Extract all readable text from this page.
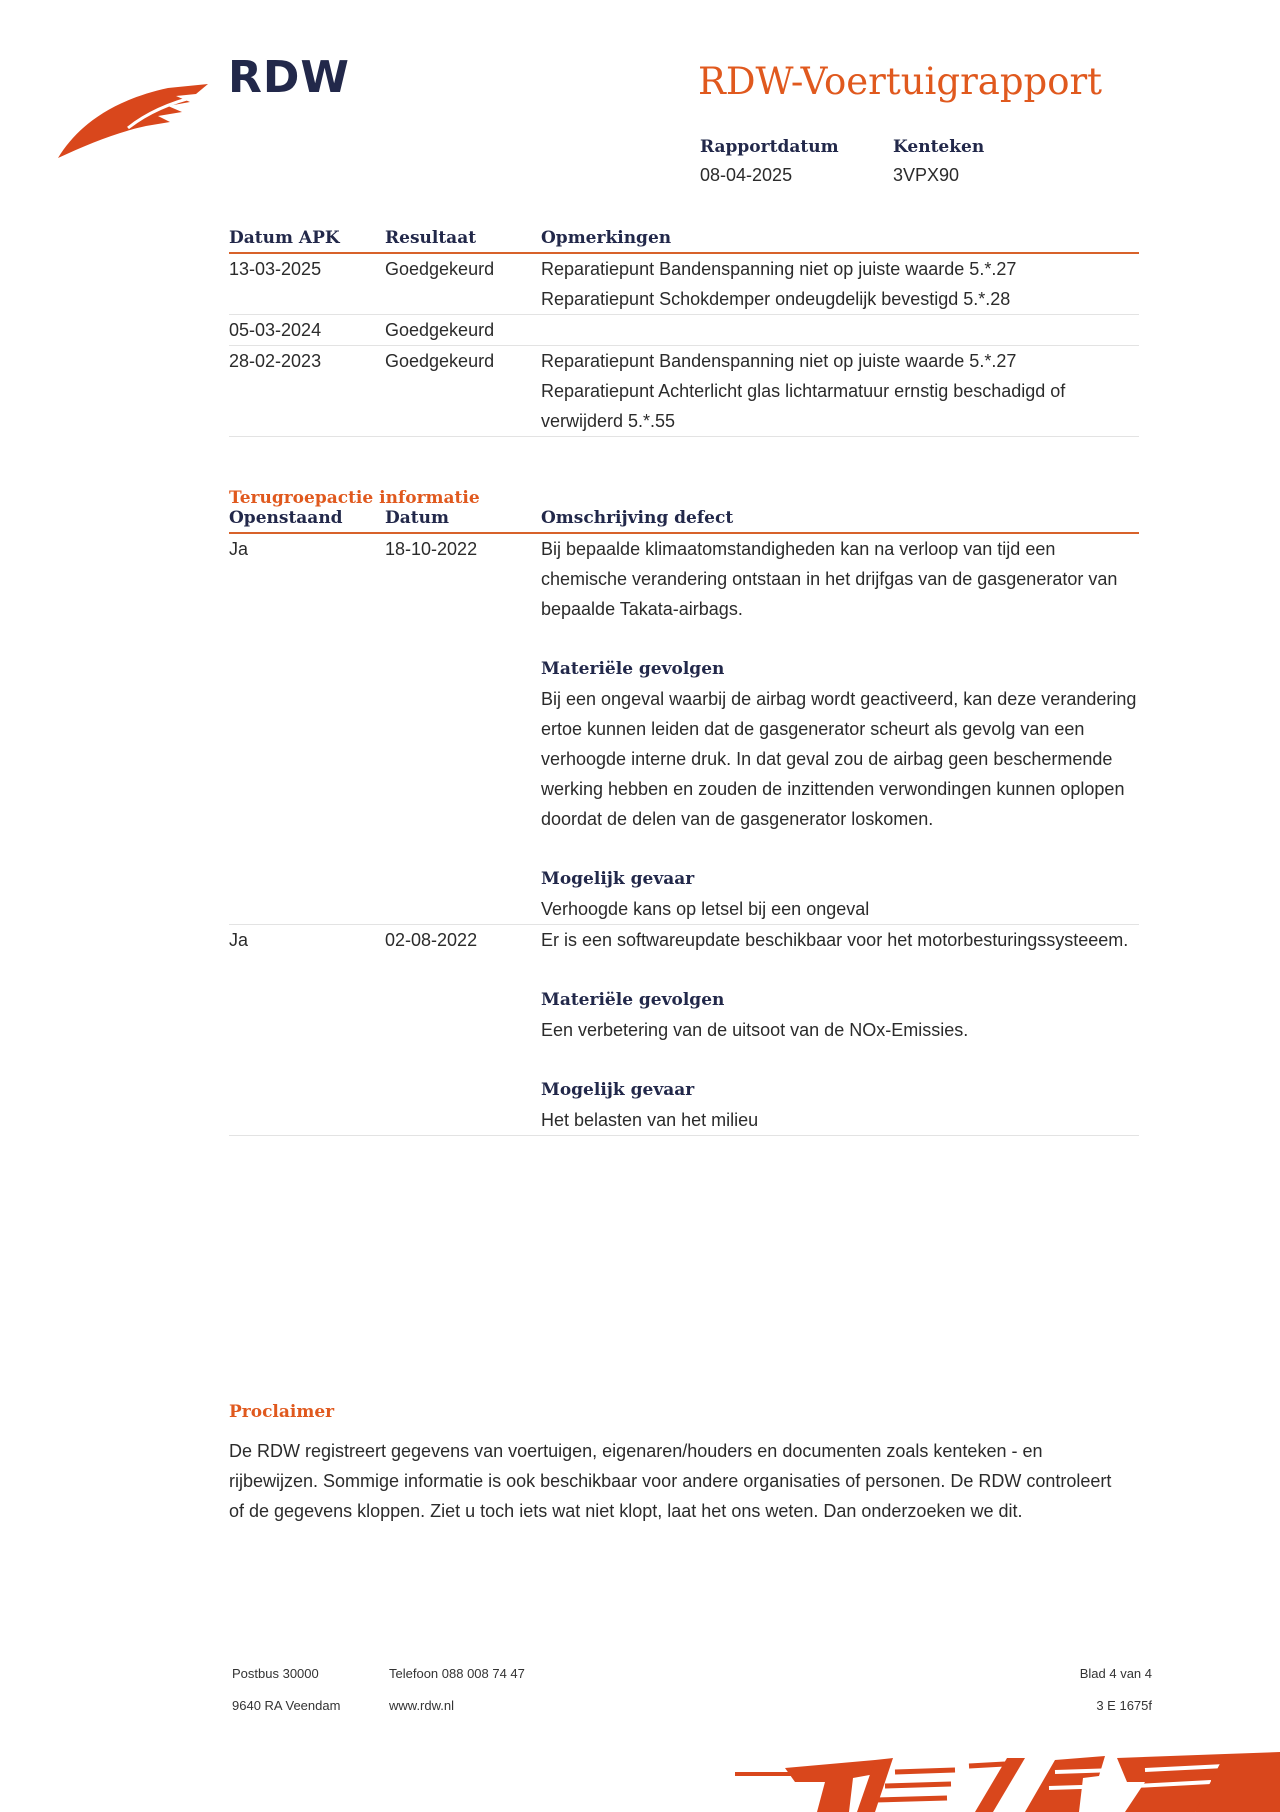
RDW	RDW-Voertuigrapport
Rapportdatum
08-04-2025
Kenteken
3VPX90
Datum APK	Resultaat	Opmerkingen
13-03-2025	Goedgekeurd	Reparatiepunt Bandenspanning niet op juiste waarde 5.*.27
Reparatiepunt Schokdemper ondeugdelijk bevestigd 5.*.28
05-03-2024	Goedgekeurd
28-02-2023	Goedgekeurd	Reparatiepunt Bandenspanning niet op juiste waarde 5.*.27
Reparatiepunt Achterlicht glas lichtarmatuur ernstig beschadigd of verwijderd 5.*.55
Terugroepactie informatie
Openstaand	Datum	Omschrijving defect
Ja	18-10-2022	Bij bepaalde klimaatomstandigheden kan na verloop van tijd een chemische verandering ontstaan in het drijfgas van de gasgenerator van bepaalde Takata-airbags.
Materiële gevolgen
Bij een ongeval waarbij de airbag wordt geactiveerd, kan deze verandering ertoe kunnen leiden dat de gasgenerator scheurt als gevolg van een verhoogde interne druk. In dat geval zou de airbag geen beschermende werking hebben en zouden de inzittenden verwondingen kunnen oplopen doordat de delen van de gasgenerator loskomen.
Mogelijk gevaar
Verhoogde kans op letsel bij een ongeval
Ja	02-08-2022	Er is een softwareupdate beschikbaar voor het motorbesturingssysteeem.
Materiële gevolgen
Een verbetering van de uitsoot van de NOx-Emissies.
Mogelijk gevaar
Het belasten van het milieu
Proclaimer

De RDW registreert gegevens van voertuigen, eigenaren/houders en documenten zoals kenteken - en rijbewijzen. Sommige informatie is ook beschikbaar voor andere organisaties of personen. De RDW controleert of de gegevens kloppen. Ziet u toch iets wat niet klopt, laat het ons weten. Dan onderzoeken we dit.

Postbus 30000
9640 RA Veendam
Telefoon 088 008 74 47
www.rdw.nl
Blad 4 van 4
3 E 1675f
